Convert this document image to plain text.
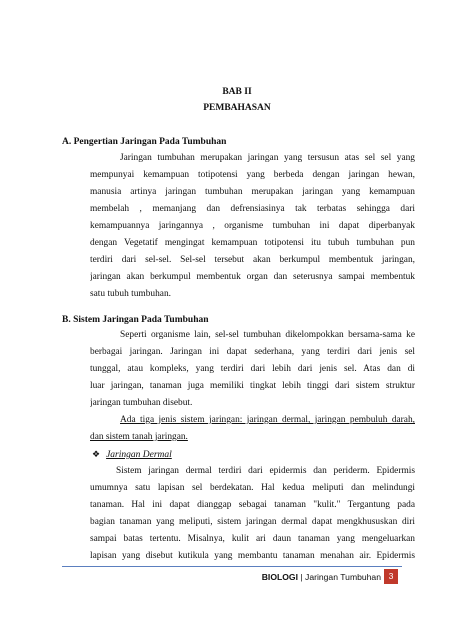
BAB II
PEMBAHASAN
A. Pengertian Jaringan Pada Tumbuhan
Jaringan tumbuhan merupakan jaringan yang tersusun atas sel sel yang
mempunyai kemampuan totipotensi yang berbeda dengan jaringan hewan,
manusia artinya jaringan tumbuhan merupakan jaringan yang kemampuan
membelah , memanjang dan defrensiasinya tak terbatas sehingga dari
kemampuannya jaringannya , organisme tumbuhan ini dapat diperbanyak
dengan Vegetatif mengingat kemampuan totipotensi itu tubuh tumbuhan pun
terdiri dari sel-sel. Sel-sel tersebut akan berkumpul membentuk jaringan,
jaringan akan berkumpul membentuk organ dan seterusnya sampai membentuk
satu tubuh tumbuhan.
B. Sistem Jaringan Pada Tumbuhan
Seperti organisme lain, sel-sel tumbuhan dikelompokkan bersama-sama ke
berbagai jaringan. Jaringan ini dapat sederhana, yang terdiri dari jenis sel
tunggal, atau kompleks, yang terdiri dari lebih dari jenis sel. Atas dan di
luar jaringan, tanaman juga memiliki tingkat lebih tinggi dari sistem struktur
jaringan tumbuhan disebut.
Ada tiga jenis sistem jaringan: jaringan dermal, jaringan pembuluh darah,
dan sistem tanah jaringan.
❖ Jaringan Dermal
Sistem jaringan dermal terdiri dari epidermis dan periderm. Epidermis
umumnya satu lapisan sel berdekatan. Hal kedua meliputi dan melindungi
tanaman. Hal ini dapat dianggap sebagai tanaman "kulit." Tergantung pada
bagian tanaman yang meliputi, sistem jaringan dermal dapat mengkhususkan diri
sampai batas tertentu. Misalnya, kulit ari daun tanaman yang mengeluarkan
lapisan yang disebut kutikula yang membantu tanaman menahan air. Epidermis
BIOLOGI | Jaringan Tumbuhan 3
